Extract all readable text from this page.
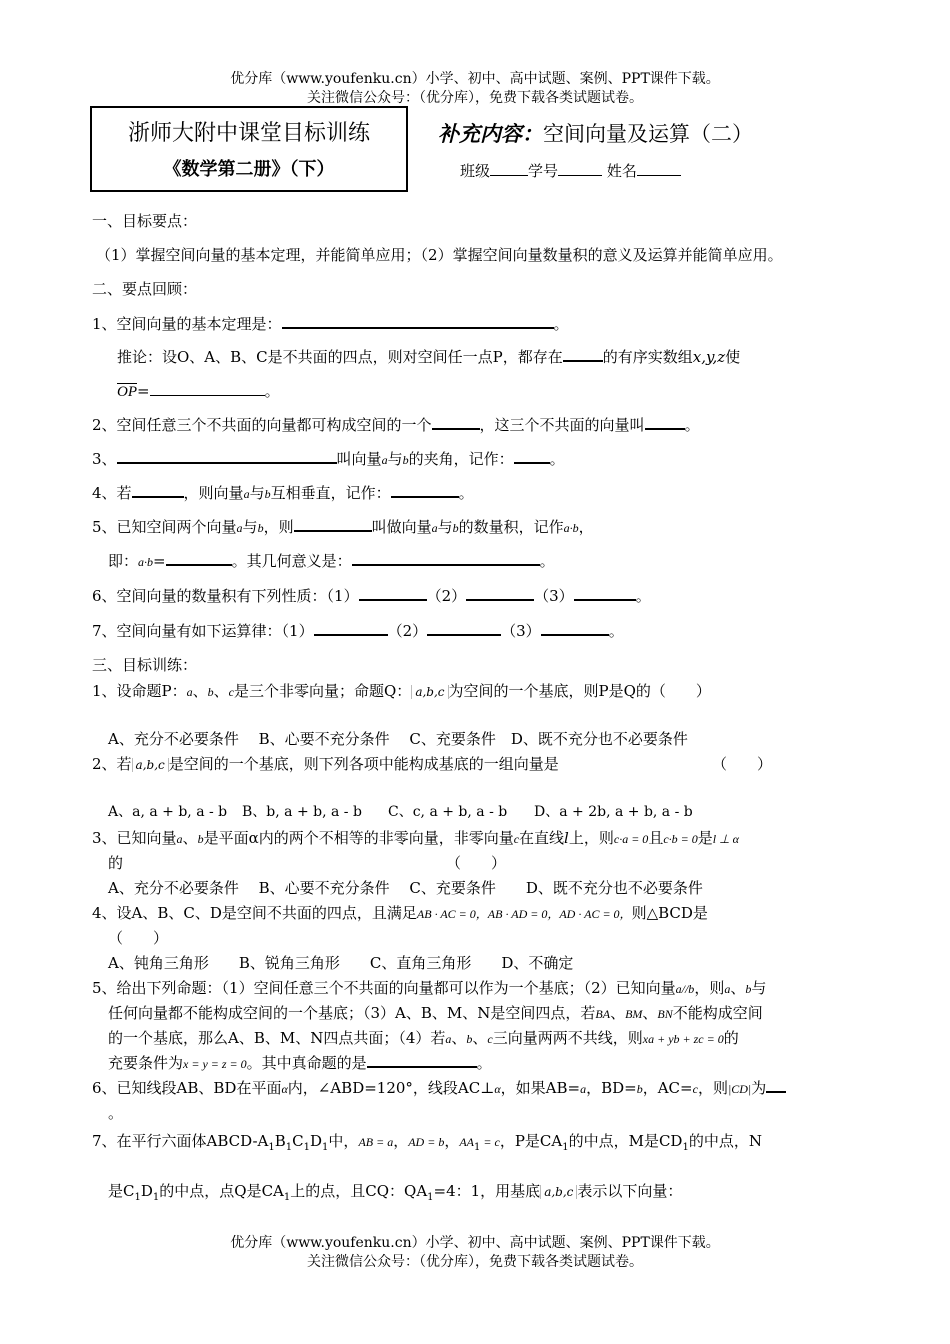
优分库（www.youfenku.cn）小学、初中、高中试题、案例、PPT课件下载。
关注微信公众号：（优分库），免费下载各类试题试卷。
浙师大附中课堂目标训练
《数学第二册》（下）
补充内容：空间向量及运算（二）
班级	学号	姓名
一、目标要点：
（1）掌握空间向量的基本定理，并能简单应用；（2）掌握空间向量数量积的意义及运算并能简单应用。
二、要点回顾：
1、空间向量的基本定理是：	。
推论：设O、A、B、C是不共面的四点，则对空间任一点P，都存在	的有序实数组x,y,z使
$\overline{OP}=$	。
2、空间任意三个不共面的向量都可构成空间的一个	，这三个不共面的向量叫	。
3、	叫向量a与b的夹角，记作： 。
4、若	，则向量a与b互相垂直，记作：	。
5、已知空间两个向量a与b，则	叫做向量a与b的数量积，记作a·b，
即：a·b=	。其几何意义是：	。
6、空间向量的数量积有下列性质：（1）	（2）	（3）	。
7、空间向量有如下运算律：（1）	（2）	（3）	。
三、目标训练：
1、设命题P：a、b、c是三个非零向量；命题Q： a,b,c 为空间的一个基底，则P是Q的（　　）
A、充分不必要条件　 B、心要不充分条件　 C、充要条件　D、既不充分也不必要条件
2、若 a,b,c 是空间的一个基底，则下列各项中能构成基底的一组向量是	（　　）
A、a, a + b, a - b B、b, a + b, a - b C、c, a + b, a - b D、a + 2b, a + b, a - b
3、已知向量a、b是平面α内的两个不相等的非零向量，非零向量c在直线l上，则c·a = 0且c·b = 0是l ⊥ α
的	（　　）
A、充分不必要条件　 B、心要不充分条件　 C、充要条件　　D、既不充分也不必要条件
4、设A、B、C、D是空间不共面的四点，且满足AB · AC = 0，AB · AD = 0，AD · AC = 0，则△BCD是
（　　）
A、钝角三角形　　B、锐角三角形　　C、直角三角形　　D、不确定
5、给出下列命题：（1）空间任意三个不共面的向量都可以作为一个基底；（2）已知向量a//b，则a、b与
任何向量都不能构成空间的一个基底；（3）A、B、M、N是空间四点，若BA、BM、BN不能构成空间
的一个基底，那么A、B、M、N四点共面；（4）若a、b、c三向量两两不共线，则xa + yb + zc = 0的
充要条件为x = y = z = 0。其中真命题的是	。
6、已知线段AB、BD在平面α内，∠ABD=120°，线段AC⊥α，如果AB=a，BD=b，AC=c，则|CD|为
。
7、在平行六面体ABCD-$A_1B_1C_1D_1$中，AB = a，AD = b，$AA_1 = c$，P是$CA_1$的中点，M是$CD_1$的中点，N
是$C_1D_1$的中点，点Q是$CA_1$上的点，且CQ：$QA_1=4$：1，用基底 a,b,c 表示以下向量：
优分库（www.youfenku.cn）小学、初中、高中试题、案例、PPT课件下载。
关注微信公众号：（优分库），免费下载各类试题试卷。
